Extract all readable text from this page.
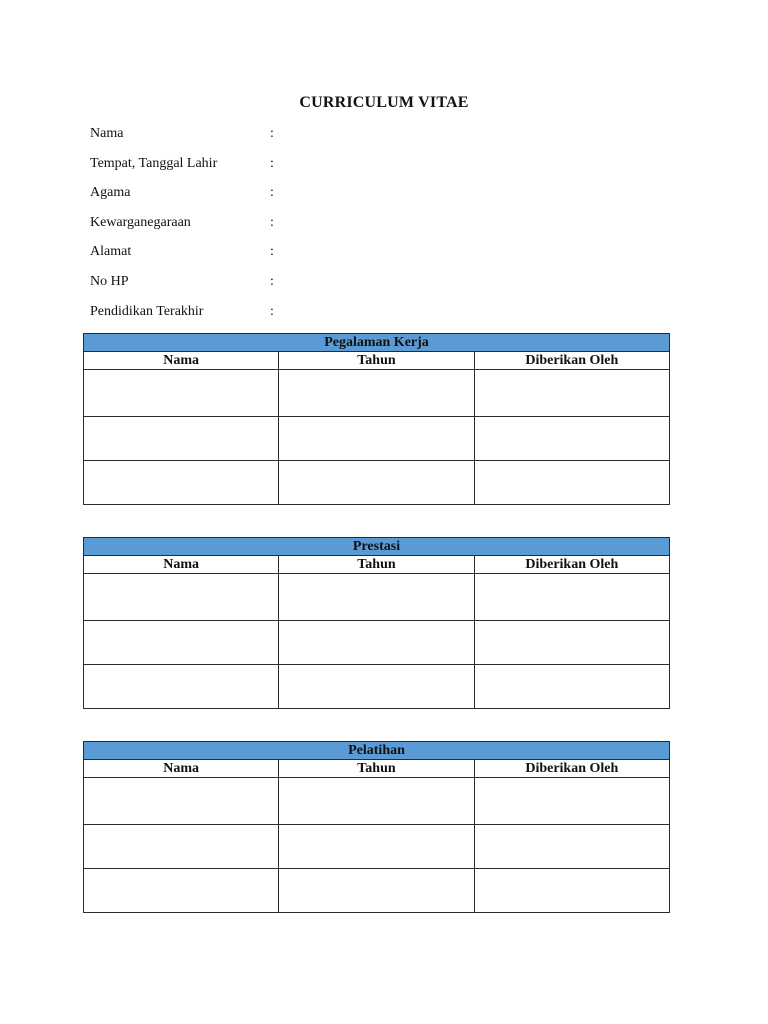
CURRICULUM VITAE
Nama	:
Tempat, Tanggal Lahir	:
Agama	:
Kewarganegaraan	:
Alamat	:
No HP	:
Pendidikan Terakhir	:
Pegalaman Kerja		
Nama	Tahun	Diberikan Oleh

Prestasi		
Nama	Tahun	Diberikan Oleh

Pelatihan		
Nama	Tahun	Diberikan Oleh
